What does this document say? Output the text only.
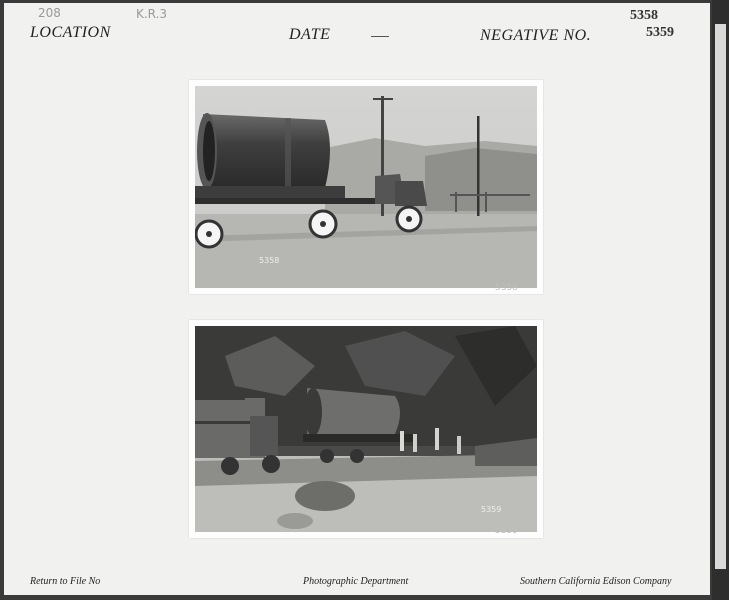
208	K.R.3
LOCATION	DATE	NEGATIVE NO.
5358
5359
5358
5358
5359
5359
Return to File No	Photographic Department	Southern California Edison Company
